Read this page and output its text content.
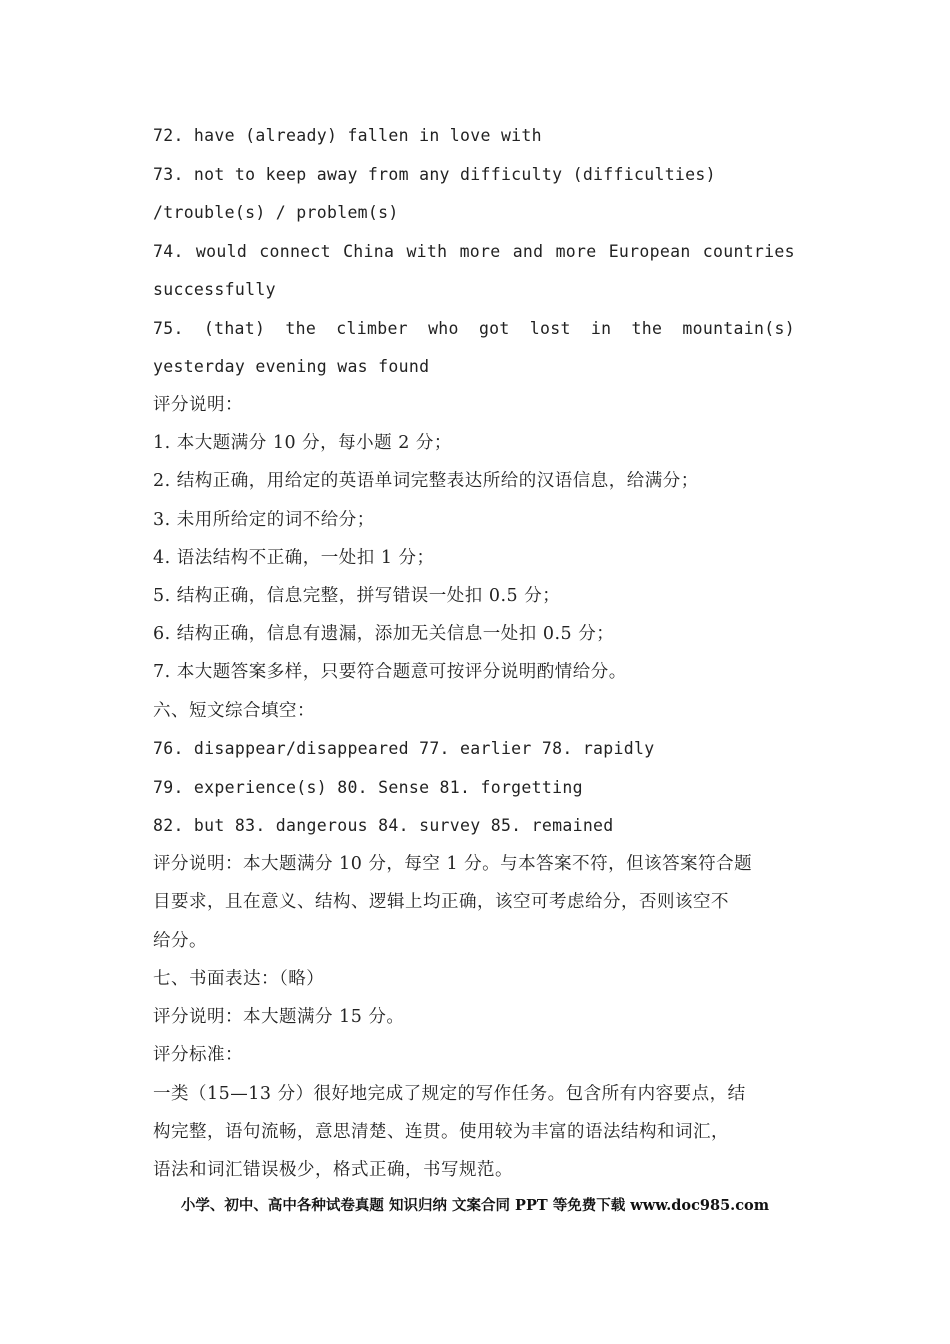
72. have (already) fallen in love with
73. not to keep away from any difficulty (difficulties)
/trouble(s) / problem(s)
74. would connect China with more and more European countries
successfully
75. (that) the climber who got lost in the mountain(s)
yesterday evening was found
评分说明：
1. 本大题满分 10 分，每小题 2 分；
2. 结构正确，用给定的英语单词完整表达所给的汉语信息，给满分；
3. 未用所给定的词不给分；
4. 语法结构不正确，一处扣 1 分；
5. 结构正确，信息完整，拼写错误一处扣 0.5 分；
6. 结构正确，信息有遗漏，添加无关信息一处扣 0.5 分；
7. 本大题答案多样，只要符合题意可按评分说明酌情给分。
六、短文综合填空：
76. disappear/disappeared 77. earlier 78. rapidly
79. experience(s) 80. Sense 81. forgetting
82. but 83. dangerous 84. survey 85. remained
评分说明：本大题满分 10 分，每空 1 分。与本答案不符，但该答案符合题
目要求，且在意义、结构、逻辑上均正确，该空可考虑给分，否则该空不
给分。
七、书面表达：（略）
评分说明：本大题满分 15 分。
评分标准：
一类（15—13 分）很好地完成了规定的写作任务。包含所有内容要点，结
构完整，语句流畅，意思清楚、连贯。使用较为丰富的语法结构和词汇，
语法和词汇错误极少，格式正确，书写规范。
小学、初中、高中各种试卷真题 知识归纳 文案合同 PPT 等免费下载 www.doc985.com
